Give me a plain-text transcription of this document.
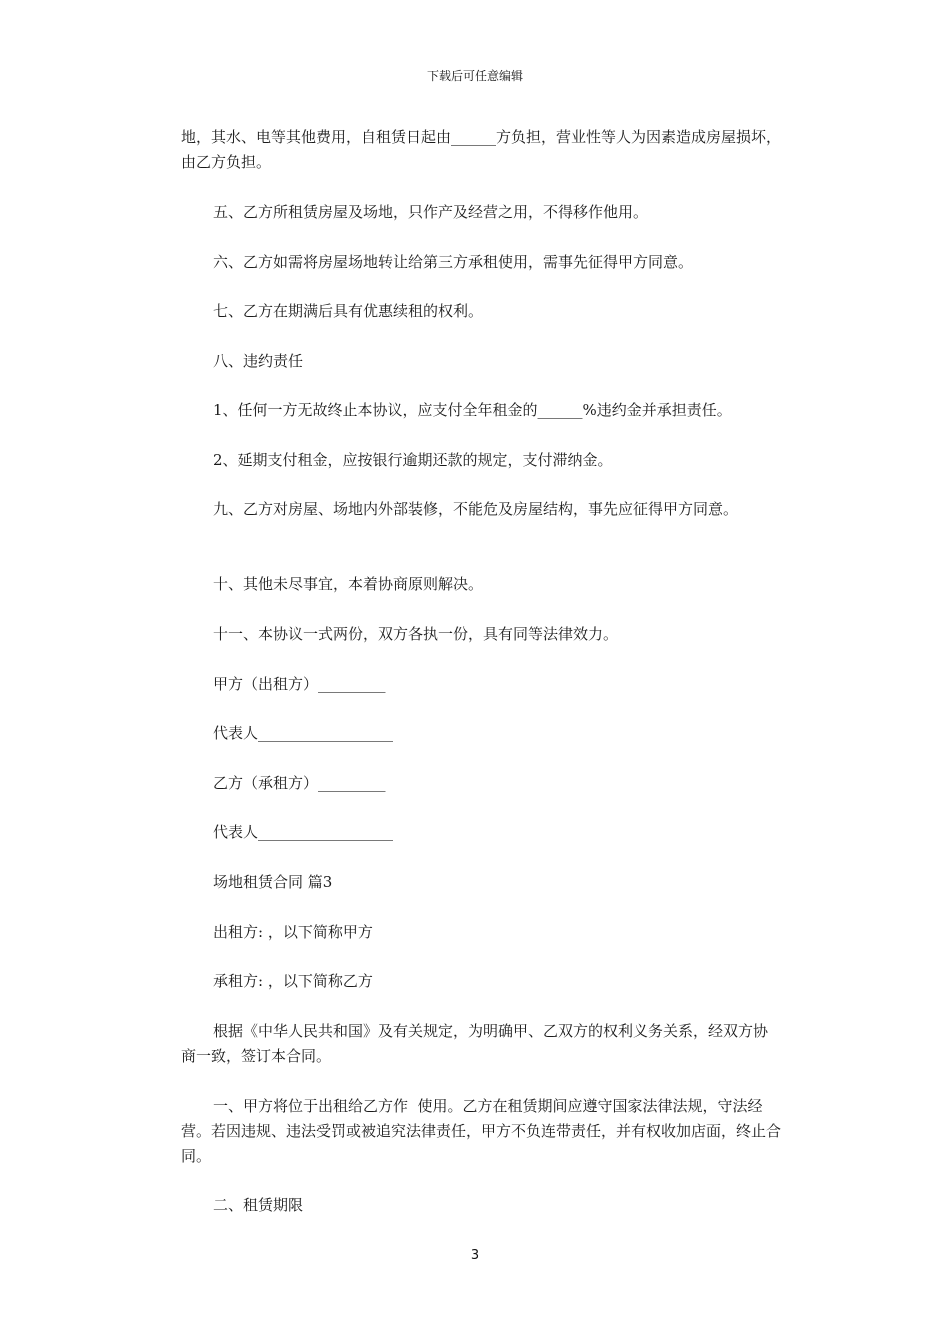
下载后可任意编辑

地，其水、电等其他费用，自租赁日起由______方负担，营业性等人为因素造成房屋损坏，由乙方负担。

五、乙方所租赁房屋及场地，只作产及经营之用，不得移作他用。

六、乙方如需将房屋场地转让给第三方承租使用，需事先征得甲方同意。

七、乙方在期满后具有优惠续租的权利。

八、违约责任

1、任何一方无故终止本协议，应支付全年租金的______%违约金并承担责任。

2、延期支付租金，应按银行逾期还款的规定，支付滞纳金。

九、乙方对房屋、场地内外部装修，不能危及房屋结构，事先应征得甲方同意。

十、其他未尽事宜，本着协商原则解决。

十一、本协议一式两份，双方各执一份，具有同等法律效力。

甲方（出租方）_________

代表人__________________

乙方（承租方）_________

代表人__________________

场地租赁合同 篇3

出租方: ，以下简称甲方

承租方: ，以下简称乙方

根据《中华人民共和国》及有关规定，为明确甲、乙双方的权利义务关系，经双方协商一致，签订本合同。

一、甲方将位于出租给乙方作  使用。乙方在租赁期间应遵守国家法律法规，守法经营。若因违规、违法受罚或被追究法律责任，甲方不负连带责任，并有权收加店面，终止合同。

二、租赁期限

3
